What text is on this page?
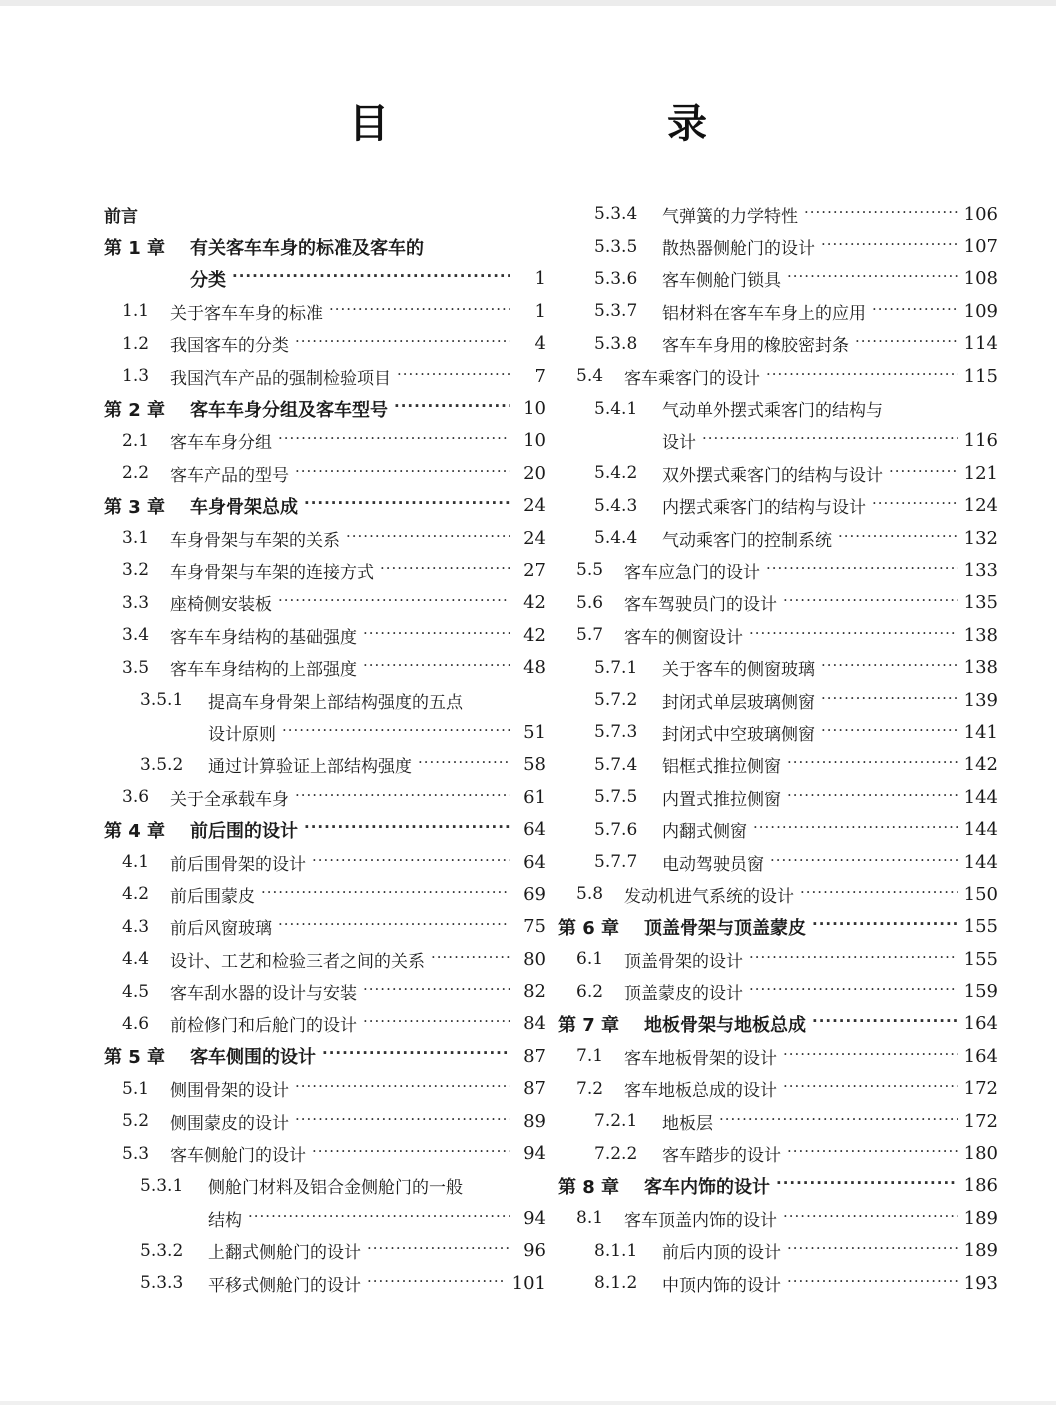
目　　录
前言
第 1 章	有关客车车身的标准及客车的
分类 ·····	1
1.1	关于客车车身的标准 ·····	1
1.2	我国客车的分类 ·····	4
1.3	我国汽车产品的强制检验项目 ·····	7
第 2 章	客车车身分组及客车型号 ·····	10
2.1	客车车身分组 ·····	10
2.2	客车产品的型号 ·····	20
第 3 章	车身骨架总成 ·····	24
3.1	车身骨架与车架的关系 ·····	24
3.2	车身骨架与车架的连接方式 ·····	27
3.3	座椅侧安装板 ·····	42
3.4	客车车身结构的基础强度 ·····	42
3.5	客车车身结构的上部强度 ·····	48
3.5.1	提高车身骨架上部结构强度的五点
设计原则 ·····	51
3.5.2	通过计算验证上部结构强度 ·····	58
3.6	关于全承载车身 ·····	61
第 4 章	前后围的设计 ·····	64
4.1	前后围骨架的设计 ·····	64
4.2	前后围蒙皮 ·····	69
4.3	前后风窗玻璃 ·····	75
4.4	设计、工艺和检验三者之间的关系 ·····	80
4.5	客车刮水器的设计与安装 ·····	82
4.6	前检修门和后舱门的设计 ·····	84
第 5 章	客车侧围的设计 ·····	87
5.1	侧围骨架的设计 ·····	87
5.2	侧围蒙皮的设计 ·····	89
5.3	客车侧舱门的设计 ·····	94
5.3.1	侧舱门材料及铝合金侧舱门的一般
结构 ·····	94
5.3.2	上翻式侧舱门的设计 ·····	96
5.3.3	平移式侧舱门的设计 ·····	101
5.3.4	气弹簧的力学特性 ·····	106
5.3.5	散热器侧舱门的设计 ·····	107
5.3.6	客车侧舱门锁具 ·····	108
5.3.7	铝材料在客车车身上的应用 ·····	109
5.3.8	客车车身用的橡胶密封条 ·····	114
5.4	客车乘客门的设计 ·····	115
5.4.1	气动单外摆式乘客门的结构与
设计 ·····	116
5.4.2	双外摆式乘客门的结构与设计 ·····	121
5.4.3	内摆式乘客门的结构与设计 ·····	124
5.4.4	气动乘客门的控制系统 ·····	132
5.5	客车应急门的设计 ·····	133
5.6	客车驾驶员门的设计 ·····	135
5.7	客车的侧窗设计 ·····	138
5.7.1	关于客车的侧窗玻璃 ·····	138
5.7.2	封闭式单层玻璃侧窗 ·····	139
5.7.3	封闭式中空玻璃侧窗 ·····	141
5.7.4	铝框式推拉侧窗 ·····	142
5.7.5	内置式推拉侧窗 ·····	144
5.7.6	内翻式侧窗 ·····	144
5.7.7	电动驾驶员窗 ·····	144
5.8	发动机进气系统的设计 ·····	150
第 6 章	顶盖骨架与顶盖蒙皮 ·····	155
6.1	顶盖骨架的设计 ·····	155
6.2	顶盖蒙皮的设计 ·····	159
第 7 章	地板骨架与地板总成 ·····	164
7.1	客车地板骨架的设计 ·····	164
7.2	客车地板总成的设计 ·····	172
7.2.1	地板层 ·····	172
7.2.2	客车踏步的设计 ·····	180
第 8 章	客车内饰的设计 ·····	186
8.1	客车顶盖内饰的设计 ·····	189
8.1.1	前后内顶的设计 ·····	189
8.1.2	中顶内饰的设计 ·····	193
